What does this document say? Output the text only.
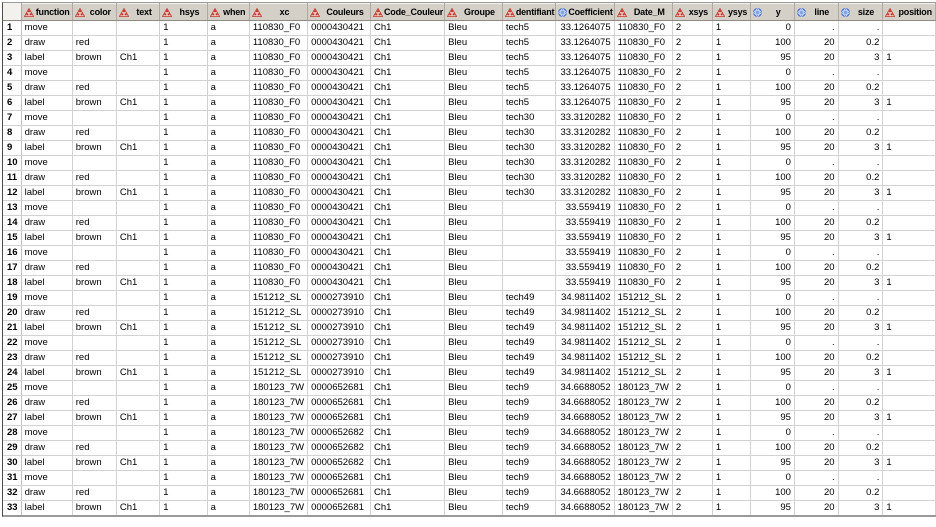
	function	color	text	hsys	when	xc	Couleurs	Code_Couleur	Groupe	dentifiant	Coefficient	Date_M	xsys	ysys	y	line	size	position

1	move			1	a	110830_F0	0000430421	Ch1	Bleu	tech5	33.1264075	110830_F0	2	1	0	.	.	
2	draw	red		1	a	110830_F0	0000430421	Ch1	Bleu	tech5	33.1264075	110830_F0	2	1	100	20	0.2	
3	label	brown	Ch1	1	a	110830_F0	0000430421	Ch1	Bleu	tech5	33.1264075	110830_F0	2	1	95	20	3	1
4	move			1	a	110830_F0	0000430421	Ch1	Bleu	tech5	33.1264075	110830_F0	2	1	0	.	.	
5	draw	red		1	a	110830_F0	0000430421	Ch1	Bleu	tech5	33.1264075	110830_F0	2	1	100	20	0.2	
6	label	brown	Ch1	1	a	110830_F0	0000430421	Ch1	Bleu	tech5	33.1264075	110830_F0	2	1	95	20	3	1
7	move			1	a	110830_F0	0000430421	Ch1	Bleu	tech30	33.3120282	110830_F0	2	1	0	.	.	
8	draw	red		1	a	110830_F0	0000430421	Ch1	Bleu	tech30	33.3120282	110830_F0	2	1	100	20	0.2	
9	label	brown	Ch1	1	a	110830_F0	0000430421	Ch1	Bleu	tech30	33.3120282	110830_F0	2	1	95	20	3	1
10	move			1	a	110830_F0	0000430421	Ch1	Bleu	tech30	33.3120282	110830_F0	2	1	0	.	.	
11	draw	red		1	a	110830_F0	0000430421	Ch1	Bleu	tech30	33.3120282	110830_F0	2	1	100	20	0.2	
12	label	brown	Ch1	1	a	110830_F0	0000430421	Ch1	Bleu	tech30	33.3120282	110830_F0	2	1	95	20	3	1
13	move			1	a	110830_F0	0000430421	Ch1	Bleu		33.559419	110830_F0	2	1	0	.	.	
14	draw	red		1	a	110830_F0	0000430421	Ch1	Bleu		33.559419	110830_F0	2	1	100	20	0.2	
15	label	brown	Ch1	1	a	110830_F0	0000430421	Ch1	Bleu		33.559419	110830_F0	2	1	95	20	3	1
16	move			1	a	110830_F0	0000430421	Ch1	Bleu		33.559419	110830_F0	2	1	0	.	.	
17	draw	red		1	a	110830_F0	0000430421	Ch1	Bleu		33.559419	110830_F0	2	1	100	20	0.2	
18	label	brown	Ch1	1	a	110830_F0	0000430421	Ch1	Bleu		33.559419	110830_F0	2	1	95	20	3	1
19	move			1	a	151212_SL	0000273910	Ch1	Bleu	tech49	34.9811402	151212_SL	2	1	0	.	.	
20	draw	red		1	a	151212_SL	0000273910	Ch1	Bleu	tech49	34.9811402	151212_SL	2	1	100	20	0.2	
21	label	brown	Ch1	1	a	151212_SL	0000273910	Ch1	Bleu	tech49	34.9811402	151212_SL	2	1	95	20	3	1
22	move			1	a	151212_SL	0000273910	Ch1	Bleu	tech49	34.9811402	151212_SL	2	1	0	.	.	
23	draw	red		1	a	151212_SL	0000273910	Ch1	Bleu	tech49	34.9811402	151212_SL	2	1	100	20	0.2	
24	label	brown	Ch1	1	a	151212_SL	0000273910	Ch1	Bleu	tech49	34.9811402	151212_SL	2	1	95	20	3	1
25	move			1	a	180123_7W	0000652681	Ch1	Bleu	tech9	34.6688052	180123_7W	2	1	0	.	.	
26	draw	red		1	a	180123_7W	0000652681	Ch1	Bleu	tech9	34.6688052	180123_7W	2	1	100	20	0.2	
27	label	brown	Ch1	1	a	180123_7W	0000652681	Ch1	Bleu	tech9	34.6688052	180123_7W	2	1	95	20	3	1
28	move			1	a	180123_7W	0000652682	Ch1	Bleu	tech9	34.6688052	180123_7W	2	1	0	.	.	
29	draw	red		1	a	180123_7W	0000652682	Ch1	Bleu	tech9	34.6688052	180123_7W	2	1	100	20	0.2	
30	label	brown	Ch1	1	a	180123_7W	0000652682	Ch1	Bleu	tech9	34.6688052	180123_7W	2	1	95	20	3	1
31	move			1	a	180123_7W	0000652681	Ch1	Bleu	tech9	34.6688052	180123_7W	2	1	0	.	.	
32	draw	red		1	a	180123_7W	0000652681	Ch1	Bleu	tech9	34.6688052	180123_7W	2	1	100	20	0.2	
33	label	brown	Ch1	1	a	180123_7W	0000652681	Ch1	Bleu	tech9	34.6688052	180123_7W	2	1	95	20	3	1
